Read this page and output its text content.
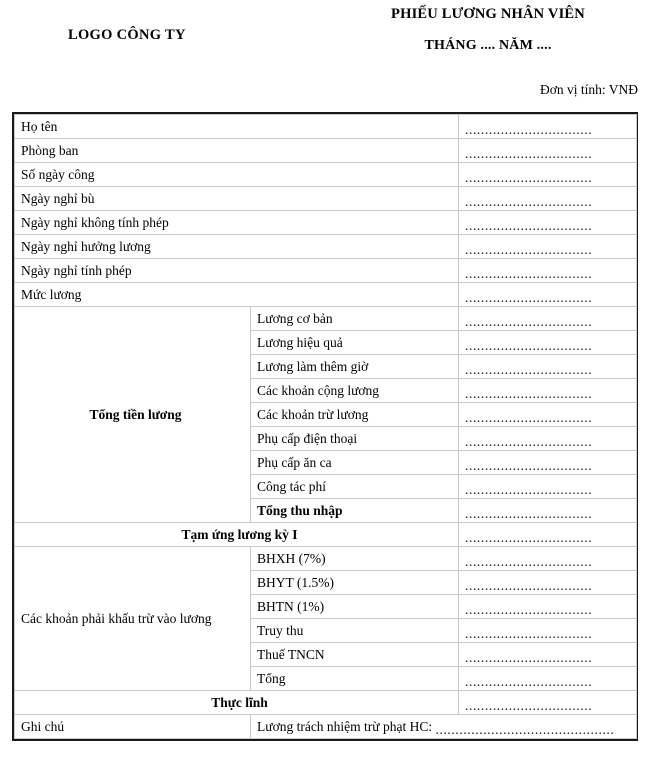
LOGO CÔNG TY
PHIẾU LƯƠNG NHÂN VIÊN
THÁNG .... NĂM ....
Đơn vị tính: VNĐ
Họ tên		................................
Phòng ban		................................
Số ngày công		................................
Ngày nghỉ bù		................................
Ngày nghỉ không tính phép		................................
Ngày nghỉ hưởng lương		................................
Ngày nghỉ tính phép		................................
Mức lương		................................
Tổng tiền lương	Lương cơ bản	................................
	Lương hiệu quả	................................
	Lương làm thêm giờ	................................
	Các khoản cộng lương	................................
	Các khoản trừ lương	................................
	Phụ cấp điện thoại	................................
	Phụ cấp ăn ca	................................
	Công tác phí	................................
	Tổng thu nhập	................................
Tạm ứng lương kỳ I		................................
Các khoản phải khấu trừ vào lương	BHXH (7%)	................................
	BHYT (1.5%)	................................
	BHTN (1%)	................................
	Truy thu	................................
	Thuế TNCN	................................
	Tổng	................................
Thực lĩnh		................................
Ghi chú	Lương trách nhiệm trừ phạt HC: .............................................	
